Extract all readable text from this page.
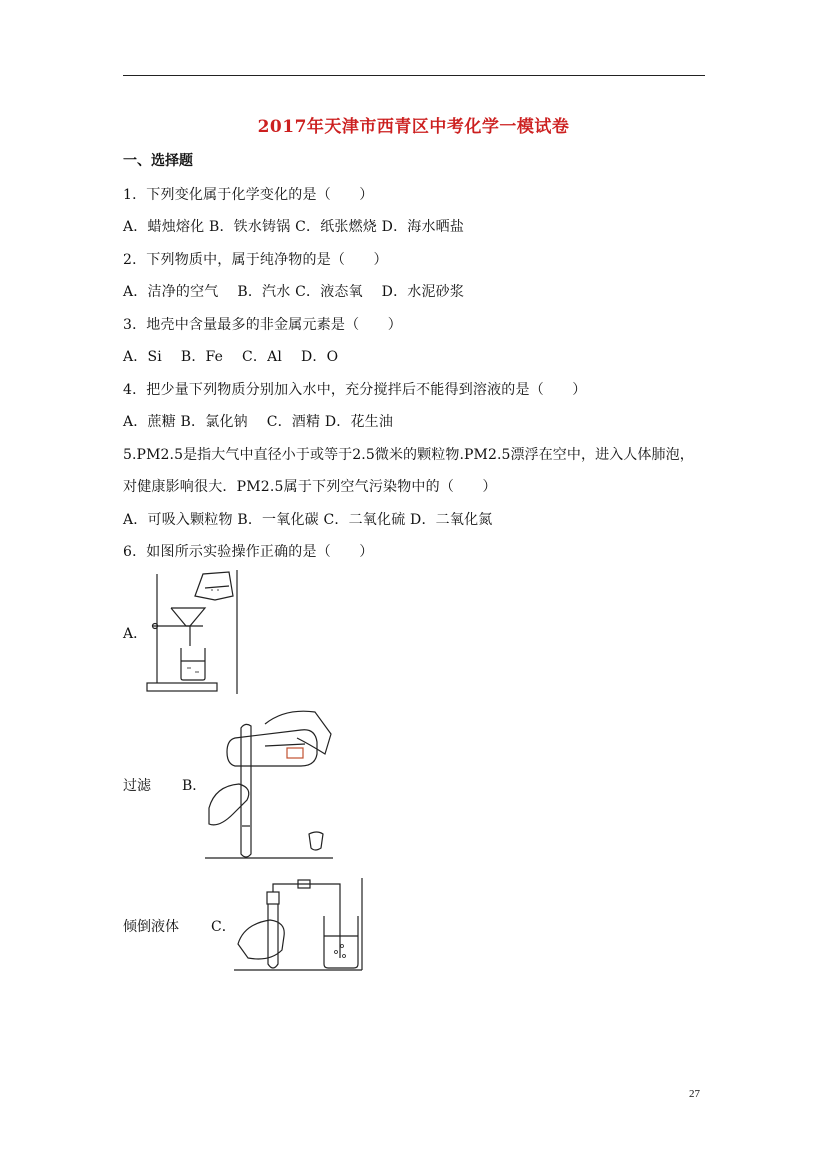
2017年天津市西青区中考化学一模试卷
一、选择题
1．下列变化属于化学变化的是（　　）
A．蜡烛熔化 B．铁水铸锅 C．纸张燃烧 D．海水晒盐
2．下列物质中，属于纯净物的是（　　）
A．洁净的空气　 B．汽水 C．液态氧　 D．水泥砂浆
3．地壳中含量最多的非金属元素是（　　）
A．Si　 B．Fe　 C．Al　 D．O
4．把少量下列物质分别加入水中，充分搅拌后不能得到溶液的是（　　）
A．蔗糖 B．氯化钠　 C．酒精 D．花生油
5.PM2.5是指大气中直径小于或等于2.5微米的颗粒物.PM2.5漂浮在空中，进入人体肺泡，
对健康影响很大．PM2.5属于下列空气污染物中的（　　）
A．可吸入颗粒物 B．一氧化碳 C．二氧化硫 D．二氧化氮
6．如图所示实验操作正确的是（　　）
A．
过滤 B．
倾倒液体 C．
27
